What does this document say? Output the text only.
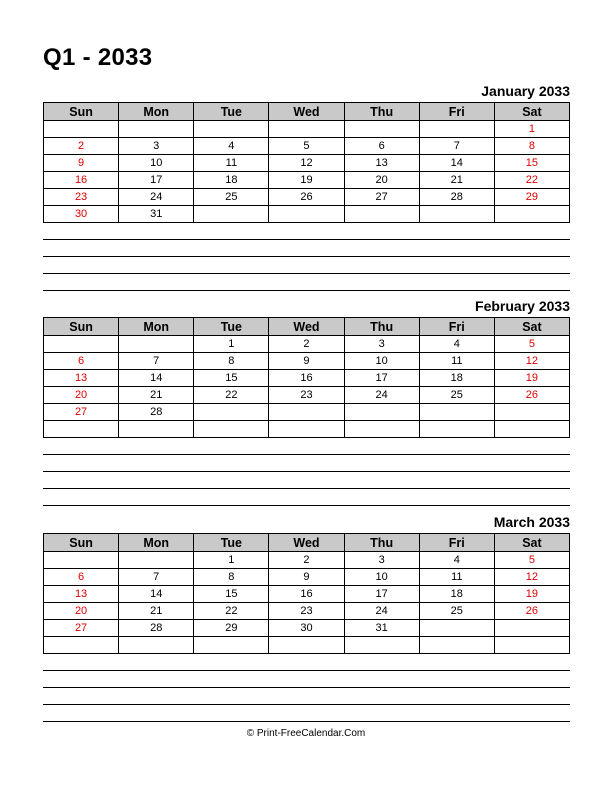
Q1 - 2033
January 2033
Sun	Mon	Tue	Wed	Thu	Fri	Sat
						1
2	3	4	5	6	7	8
9	10	11	12	13	14	15
16	17	18	19	20	21	22
23	24	25	26	27	28	29
30	31					
February 2033
Sun	Mon	Tue	Wed	Thu	Fri	Sat
		1	2	3	4	5
6	7	8	9	10	11	12
13	14	15	16	17	18	19
20	21	22	23	24	25	26
27	28					

March 2033
Sun	Mon	Tue	Wed	Thu	Fri	Sat
		1	2	3	4	5
6	7	8	9	10	11	12
13	14	15	16	17	18	19
20	21	22	23	24	25	26
27	28	29	30	31		

© Print-FreeCalendar.Com
